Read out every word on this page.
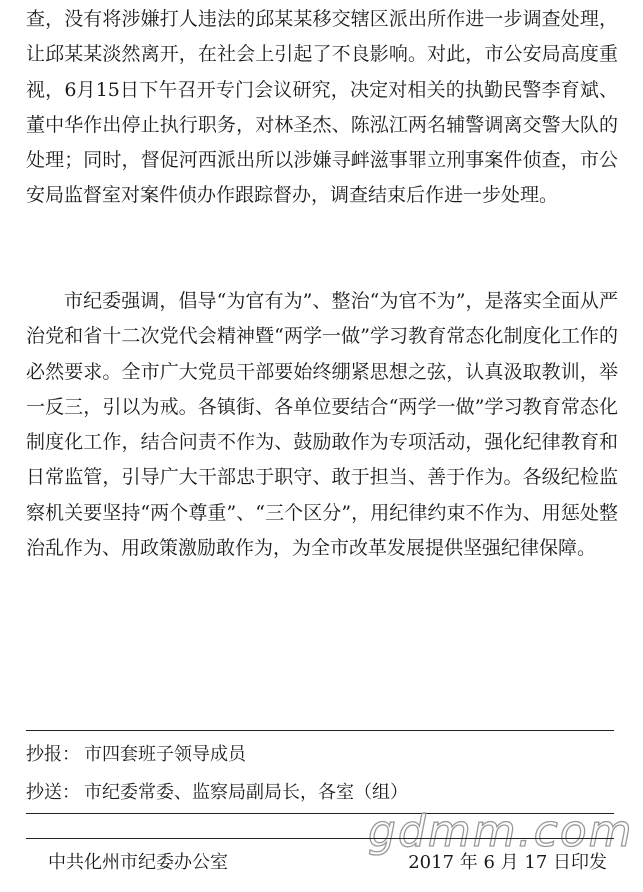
查，没有将涉嫌打人违法的邱某某移交辖区派出所作进一步调查处理，让邱某某淡然离开，在社会上引起了不良影响。对此，市公安局高度重视，6月15日下午召开专门会议研究，决定对相关的执勤民警李育斌、董中华作出停止执行职务，对林圣杰、陈泓江两名辅警调离交警大队的处理；同时，督促河西派出所以涉嫌寻衅滋事罪立刑事案件侦查，市公安局监督室对案件侦办作跟踪督办，调查结束后作进一步处理。

市纪委强调，倡导“为官有为”、整治“为官不为”，是落实全面从严治党和省十二次党代会精神暨“两学一做”学习教育常态化制度化工作的必然要求。全市广大党员干部要始终绷紧思想之弦，认真汲取教训，举一反三，引以为戒。各镇街、各单位要结合“两学一做”学习教育常态化制度化工作，结合问责不作为、鼓励敢作为专项活动，强化纪律教育和日常监管，引导广大干部忠于职守、敢于担当、善于作为。各级纪检监察机关要坚持“两个尊重”、“三个区分”，用纪律约束不作为、用惩处整治乱作为、用政策激励敢作为，为全市改革发展提供坚强纪律保障。

抄报： 市四套班子领导成员
抄送： 市纪委常委、监察局副局长，各室（组）
gdmm.com
中共化州市纪委办公室	2017 年 6 月 17 日印发
